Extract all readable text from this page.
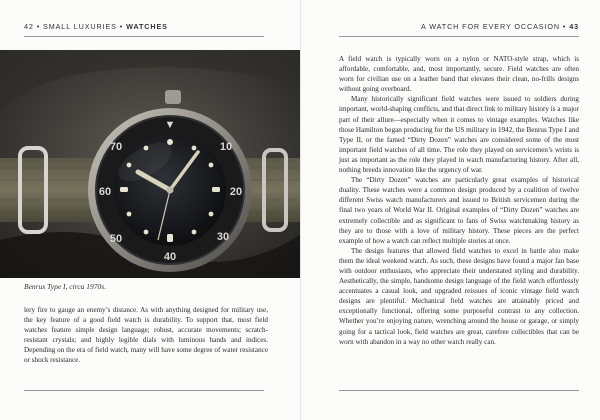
42 • SMALL LUXURIES • WATCHES
▼
10
20
30
40
50
60
70
Benrus Type I, circa 1970s.

lery fire to gauge an enemy’s distance. As with anything designed for military use, the key feature of a good field watch is durability. To support that, most field watches feature simple design language; robust, accurate movements; scratch-resistant crystals; and highly legible dials with luminous hands and indices. Depending on the era of field watch, many will have some degree of water resistance or shock resistance.

A WATCH FOR EVERY OCCASION • 43

A field watch is typically worn on a nylon or NATO-style strap, which is affordable, comfortable, and, most importantly, secure. Field watches are often worn for civilian use on a leather band that elevates their clean, no-frills designs without going overboard.

Many historically significant field watches were issued to soldiers during important, world-shaping conflicts, and that direct link to military history is a major part of their allure—especially when it comes to vintage examples. Watches like those Hamilton began producing for the US military in 1942, the Benrus Type I and Type II, or the famed “Dirty Dozen” watches are considered some of the most important field watches of all time. The role they played on servicemen’s wrists is just as important as the role they played in watch manufacturing history. After all, nothing breeds innovation like the urgency of war.

The “Dirty Dozen” watches are particularly great examples of historical duality. These watches were a common design produced by a coalition of twelve different Swiss watch manufacturers and issued to British servicemen during the final two years of World War II. Original examples of “Dirty Dozen” watches are extremely collectible and as significant to fans of Swiss watchmaking history as they are to those with a love of military history. These pieces are the perfect example of how a watch can reflect multiple stories at once.

The design features that allowed field watches to excel in battle also make them the ideal weekend watch. As such, these designs have found a major fan base with outdoor enthusiasts, who appreciate their understated styling and durability. Aesthetically, the simple, handsome design language of the field watch effortlessly accentuates a casual look, and upgraded reissues of iconic vintage field watch designs are plentiful. Mechanical field watches are attainably priced and exceptionally functional, offering some purposeful contrast to any collection. Whether you’re enjoying nature, wrenching around the house or garage, or simply going for a tactical look, field watches are great, carefree collectibles that can be worn with abandon in a way no other watch really can.
